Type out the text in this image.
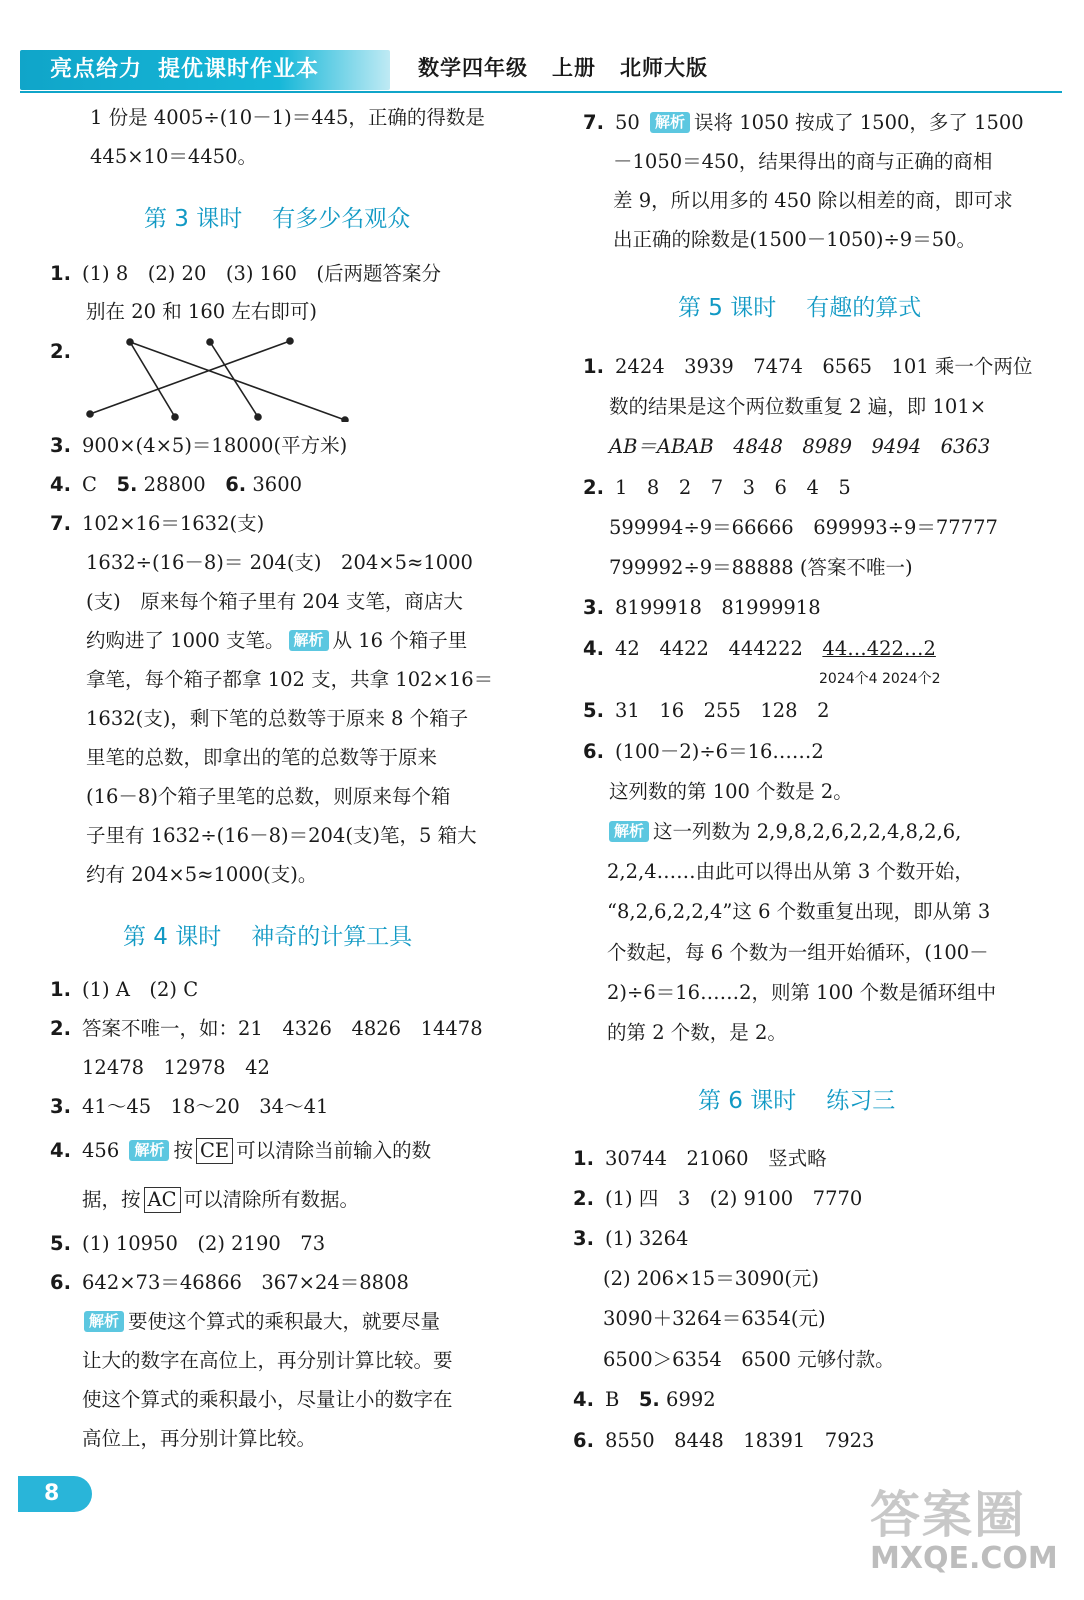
亮点给力 提优课时作业本	数学四年级 上册 北师大版
1 份是 4005÷(10－1)＝445，正确的得数是
445×10＝4450。
第 3 课时 有多少名观众
1. (1) 8　(2) 20　(3) 160　(后两题答案分
别在 20 和 160 左右即可)
2.
3. 900×(4×5)＝18000(平方米)
4. C　 5. 28800　 6. 3600
7. 102×16＝1632(支)
1632÷(16－8)＝ 204(支)　204×5≈1000
(支)　原来每个箱子里有 204 支笔，商店大
约购进了 1000 支笔。 解析 从 16 个箱子里
拿笔，每个箱子都拿 102 支，共拿 102×16＝
1632(支)，剩下笔的总数等于原来 8 个箱子
里笔的总数，即拿出的笔的总数等于原来
(16－8)个箱子里笔的总数，则原来每个箱
子里有 1632÷(16－8)＝204(支)笔，5 箱大
约有 204×5≈1000(支)。
第 4 课时 神奇的计算工具
1. (1) A　(2) C
2. 答案不唯一，如：21　4326　4826　14478
12478　12978　42
3. 41～45　18～20　34～41
4. 456 解析 按 CE 可以清除当前输入的数
据，按 AC 可以清除所有数据。
5. (1) 10950　(2) 2190　73
6. 642×73＝46866　367×24＝8808
解析 要使这个算式的乘积最大，就要尽量
让大的数字在高位上，再分别计算比较。要
使这个算式的乘积最小，尽量让小的数字在
高位上，再分别计算比较。
7. 50 解析 误将 1050 按成了 1500，多了 1500
－1050＝450，结果得出的商与正确的商相
差 9，所以用多的 450 除以相差的商，即可求
出正确的除数是(1500－1050)÷9＝50。
第 5 课时 有趣的算式
1. 2424　3939　7474　6565　101 乘一个两位
数的结果是这个两位数重复 2 遍，即 101×
AB＝ABAB　4848　8989　9494　6363
2. 1　8　2　7　3　6　4　5
599994÷9＝66666　699993÷9＝77777
799992÷9＝88888 (答案不唯一)
3. 8199918　81999918
4. 42　4422　444222　 44…422…2
2024个4 2024个2
5. 31　16　255　128　2
6. (100－2)÷6＝16……2
这列数的第 100 个数是 2。
解析 这一列数为 2,9,8,2,6,2,2,4,8,2,6,
2,2,4……由此可以得出从第 3 个数开始，
“8,2,6,2,2,4”这 6 个数重复出现，即从第 3
个数起，每 6 个数为一组开始循环，(100－
2)÷6＝16……2，则第 100 个数是循环组中
的第 2 个数，是 2。
第 6 课时 练习三
1. 30744　21060　竖式略
2. (1) 四　3　(2) 9100　7770
3. (1) 3264
(2) 206×15＝3090(元)
3090＋3264＝6354(元)
6500＞6354　6500 元够付款。
4. B　 5. 6992
6. 8550　8448　18391　7923
8	答案圈
MXQE.COM
